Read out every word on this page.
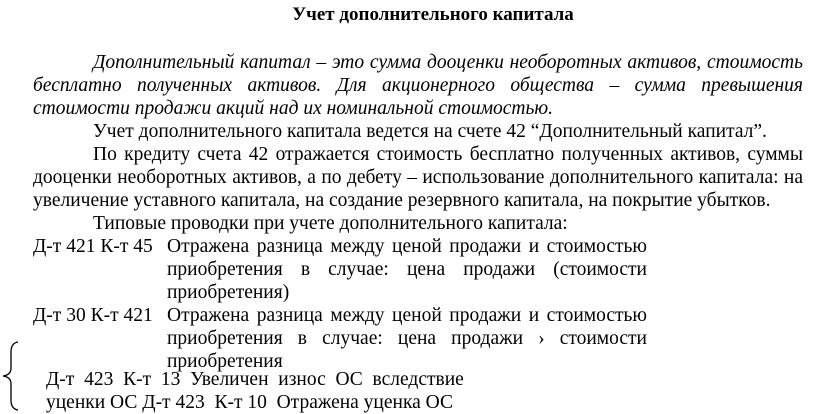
Учет дополнительного капитала
Дополнительный капитал – это сумма дооценки необоротных активов, стоимость бесплатно полученных активов. Для акционерного общества – сумма превышения стоимости продажи акций над их номинальной стоимостью.
Учет дополнительного капитала ведется на счете 42 “Дополнительный капитал”.
По кредиту счета 42 отражается стоимость бесплатно полученных активов, суммы дооценки необоротных активов, а по дебету – использование дополнительного капитала: на увеличение уставного капитала, на создание резервного капитала, на покрытие убытков.
Типовые проводки при учете дополнительного капитала:
Д-т 421 К-т 45 Отражена разница между ценой продажи и стоимостью приобретения в случае: цена продажи (стоимости приобретения)
Д-т 30 К-т 421 Отражена разница между ценой продажи и стоимостью приобретения в случае: цена продажи › стоимости приобретения
Д-т  423  К-т  13  Увеличен  износ  ОС  вследствие
уценки ОС Д-т 423  К-т 10  Отражена уценка ОС
